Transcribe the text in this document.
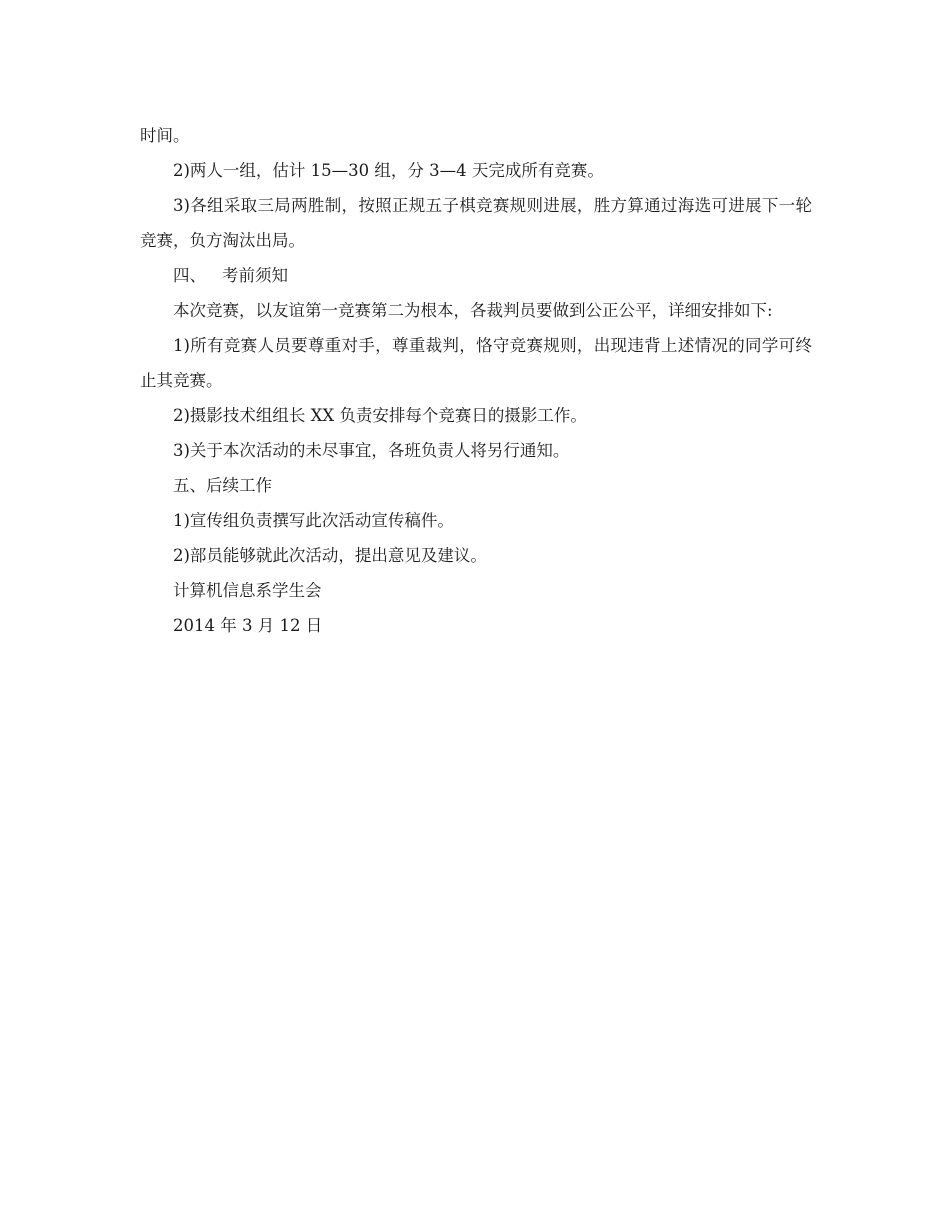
时间。

2)两人一组，估计 15—30 组，分 3—4 天完成所有竞赛。

3)各组采取三局两胜制，按照正规五子棋竞赛规则进展，胜方算通过海选可进展下一轮竞赛，负方淘汰出局。

四、 考前须知

本次竞赛，以友谊第一竞赛第二为根本，各裁判员要做到公正公平，详细安排如下:

1)所有竞赛人员要尊重对手，尊重裁判，恪守竞赛规则，出现违背上述情况的同学可终止其竞赛。

2)摄影技术组组长 XX 负责安排每个竞赛日的摄影工作。

3)关于本次活动的未尽事宜，各班负责人将另行通知。

五、后续工作

1)宣传组负责撰写此次活动宣传稿件。

2)部员能够就此次活动，提出意见及建议。

计算机信息系学生会

2014 年 3 月 12 日
